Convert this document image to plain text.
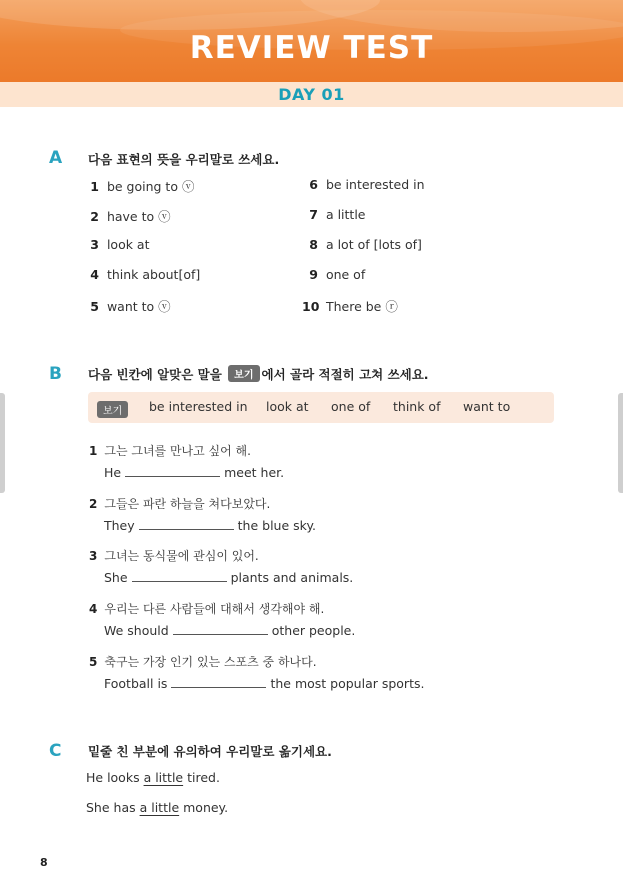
REVIEW TEST
DAY 01
A 다음 표현의 뜻을 우리말로 쓰세요.
1 be going to ⓥ
2 have to ⓥ
3 look at
4 think about[of]
5 want to ⓥ
6 be interested in
7 a little
8 a lot of [lots of]
9 one of
10 There be ⓡ
B 다음 빈칸에 알맞은 말을 보기 에서 골라 적절히 고쳐 쓰세요.
보기	be interested in look at one of think of want to
1 그는 그녀를 만나고 싶어 해.
He	meet her.
2 그들은 파란 하늘을 쳐다보았다.
They	the blue sky.
3 그녀는 동식물에 관심이 있어.
She	plants and animals.
4 우리는 다른 사람들에 대해서 생각해야 해.
We should	other people.
5 축구는 가장 인기 있는 스포츠 중 하나다.
Football is	the most popular sports.
C 밑줄 친 부분에 유의하여 우리말로 옮기세요.
He looks a little tired.
She has a little money.
8
